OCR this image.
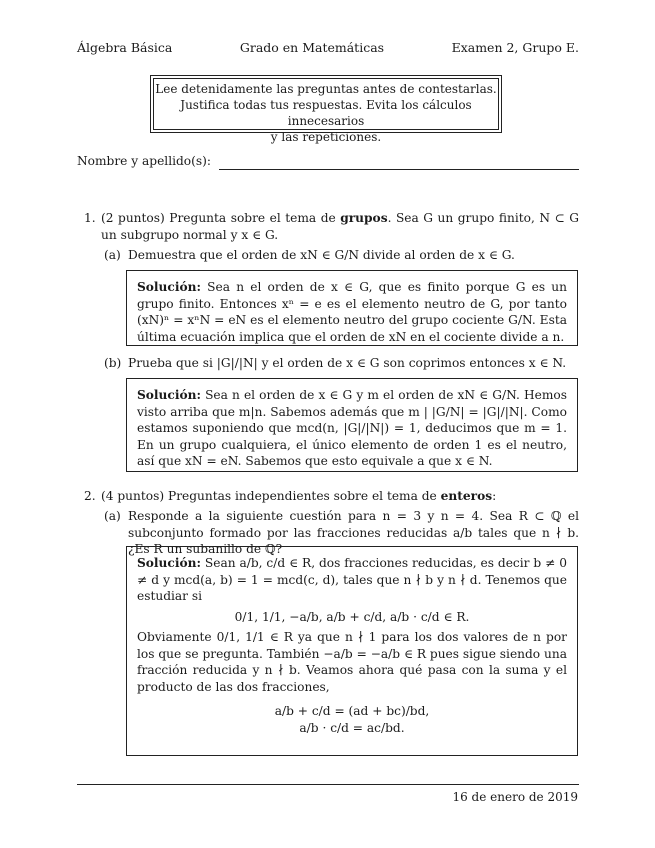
Álgebra Básica	Grado en Matemáticas	Examen 2, Grupo E.
Lee detenidamente las preguntas antes de contestarlas.
Justifica todas tus respuestas. Evita los cálculos innecesarios
y las repeticiones.
Nombre y apellido(s):
1. (2 puntos) Pregunta sobre el tema de grupos. Sea G un grupo finito, N ⊂ G un subgrupo normal y x ∈ G.
(a) Demuestra que el orden de xN ∈ G/N divide al orden de x ∈ G.
Solución: Sea n el orden de x ∈ G, que es finito porque G es un grupo finito. Entonces xⁿ = e es el elemento neutro de G, por tanto (xN)ⁿ = xⁿN = eN es el elemento neutro del grupo cociente G/N. Esta última ecuación implica que el orden de xN en el cociente divide a n.
(b) Prueba que si |G|/|N| y el orden de x ∈ G son coprimos entonces x ∈ N.
Solución: Sea n el orden de x ∈ G y m el orden de xN ∈ G/N. Hemos visto arriba que m|n. Sabemos además que m | |G/N| = |G|/|N|. Como estamos suponiendo que mcd(n, |G|/|N|) = 1, deducimos que m = 1. En un grupo cualquiera, el único elemento de orden 1 es el neutro, así que xN = eN. Sabemos que esto equivale a que x ∈ N.
2. (4 puntos) Preguntas independientes sobre el tema de enteros:
(a) Responde a la siguiente cuestión para n = 3 y n = 4. Sea R ⊂ ℚ el subconjunto formado por las fracciones reducidas a/b tales que n ∤ b. ¿Es R un subanillo de ℚ?
Solución: Sean a/b, c/d ∈ R, dos fracciones reducidas, es decir b ≠ 0 ≠ d y mcd(a, b) = 1 = mcd(c, d), tales que n ∤ b y n ∤ d. Tenemos que estudiar si
0/1, 1/1, −a/b, a/b + c/d, a/b · c/d ∈ R.
Obviamente 0/1, 1/1 ∈ R ya que n ∤ 1 para los dos valores de n por los que se pregunta. También −a/b = −a/b ∈ R pues sigue siendo una fracción reducida y n ∤ b. Veamos ahora qué pasa con la suma y el producto de las dos fracciones,
a/b + c/d = (ad + bc)/bd,
a/b · c/d = ac/bd.
16 de enero de 2019
